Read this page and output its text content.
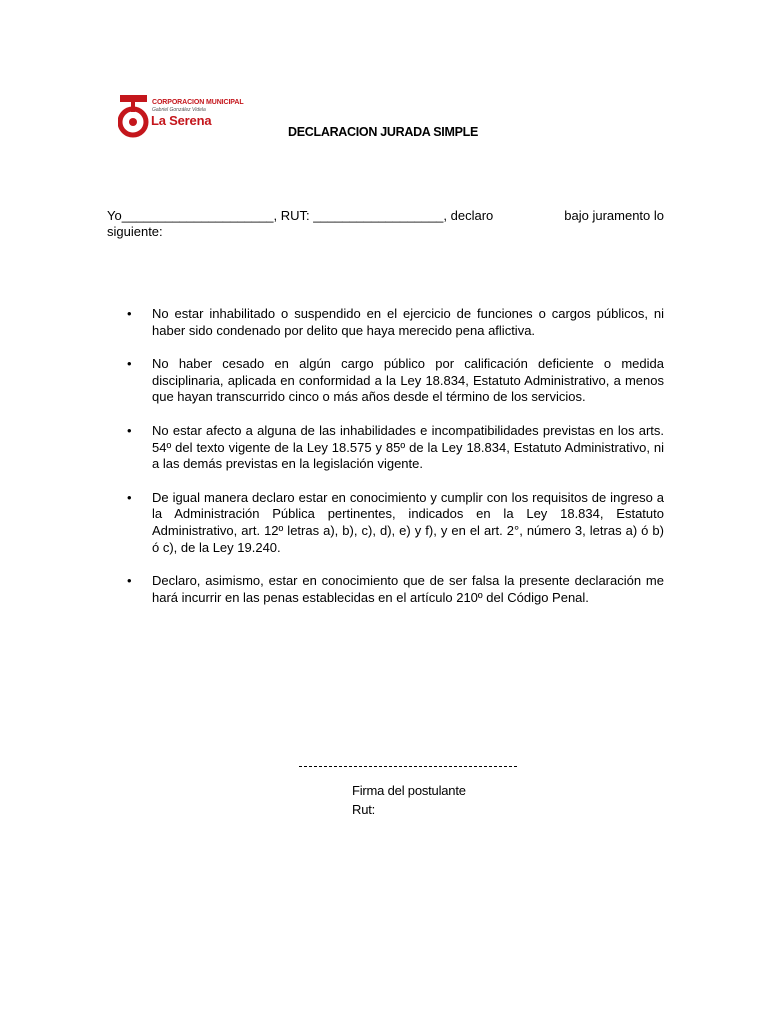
CORPORACION MUNICIPAL
Gabriel González Videla
La Serena
DECLARACION JURADA SIMPLE
Yo_____________________, RUT: __________________, declaro	bajo juramento lo
siguiente:
• No estar inhabilitado o suspendido en el ejercicio de funciones o cargos públicos, ni haber sido condenado por delito que haya merecido pena aflictiva.
• No haber cesado en algún cargo público por calificación deficiente o medida disciplinaria, aplicada en conformidad a la Ley 18.834, Estatuto Administrativo, a menos que hayan transcurrido cinco o más años desde el término de los servicios.
• No estar afecto a alguna de las inhabilidades e incompatibilidades previstas en los arts. 54º del texto vigente de la Ley 18.575 y 85º de la Ley 18.834, Estatuto Administrativo, ni a las demás previstas en la legislación vigente.
• De igual manera declaro estar en conocimiento y cumplir con los requisitos de ingreso a la Administración Pública pertinentes, indicados en la Ley 18.834, Estatuto Administrativo, art. 12º letras a), b), c), d), e) y f), y en el art. 2°, número 3, letras a) ó b) ó c), de la Ley 19.240.
• Declaro, asimismo, estar en conocimiento que de ser falsa la presente declaración me hará incurrir en las penas establecidas en el artículo 210º del Código Penal.
Firma del postulante
Rut:
